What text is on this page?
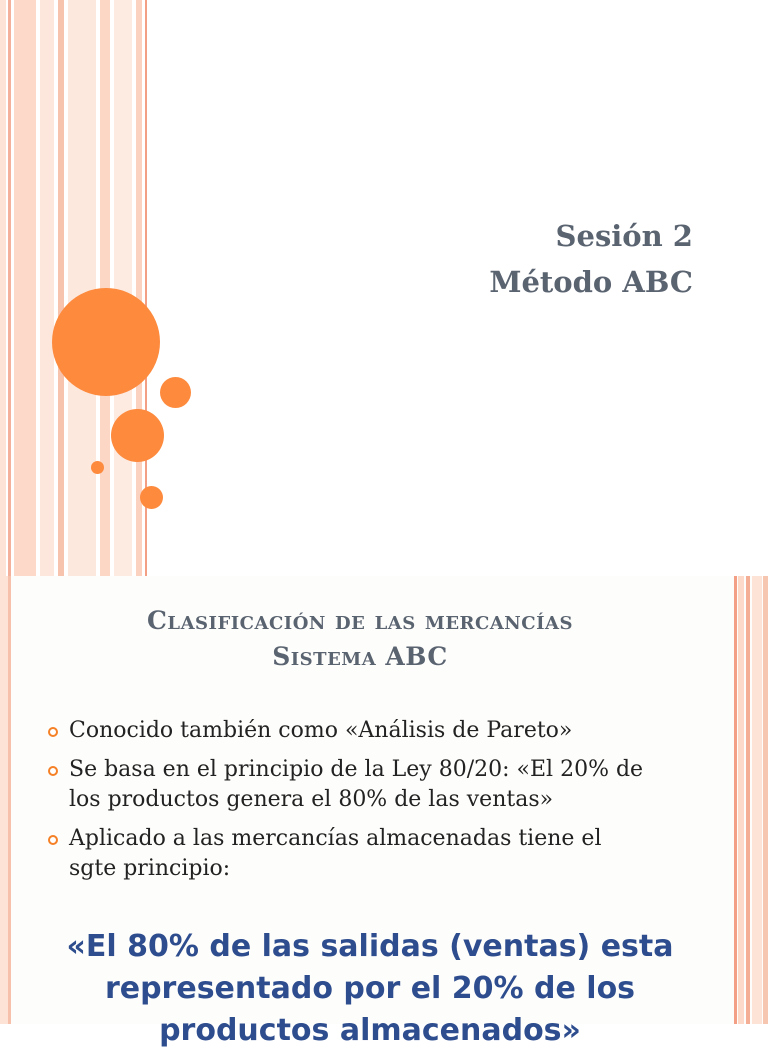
Sesión 2

Método ABC

Clasificación de las mercancías

Sistema ABC

Conocido también como «Análisis de Pareto»
Se basa en el principio de la Ley 80/20: «El 20% de
los productos genera el 80% de las ventas»
Aplicado a las mercancías almacenadas tiene el
sgte principio:

«El 80% de las salidas (ventas) esta
representado por el 20% de los
productos almacenados»
